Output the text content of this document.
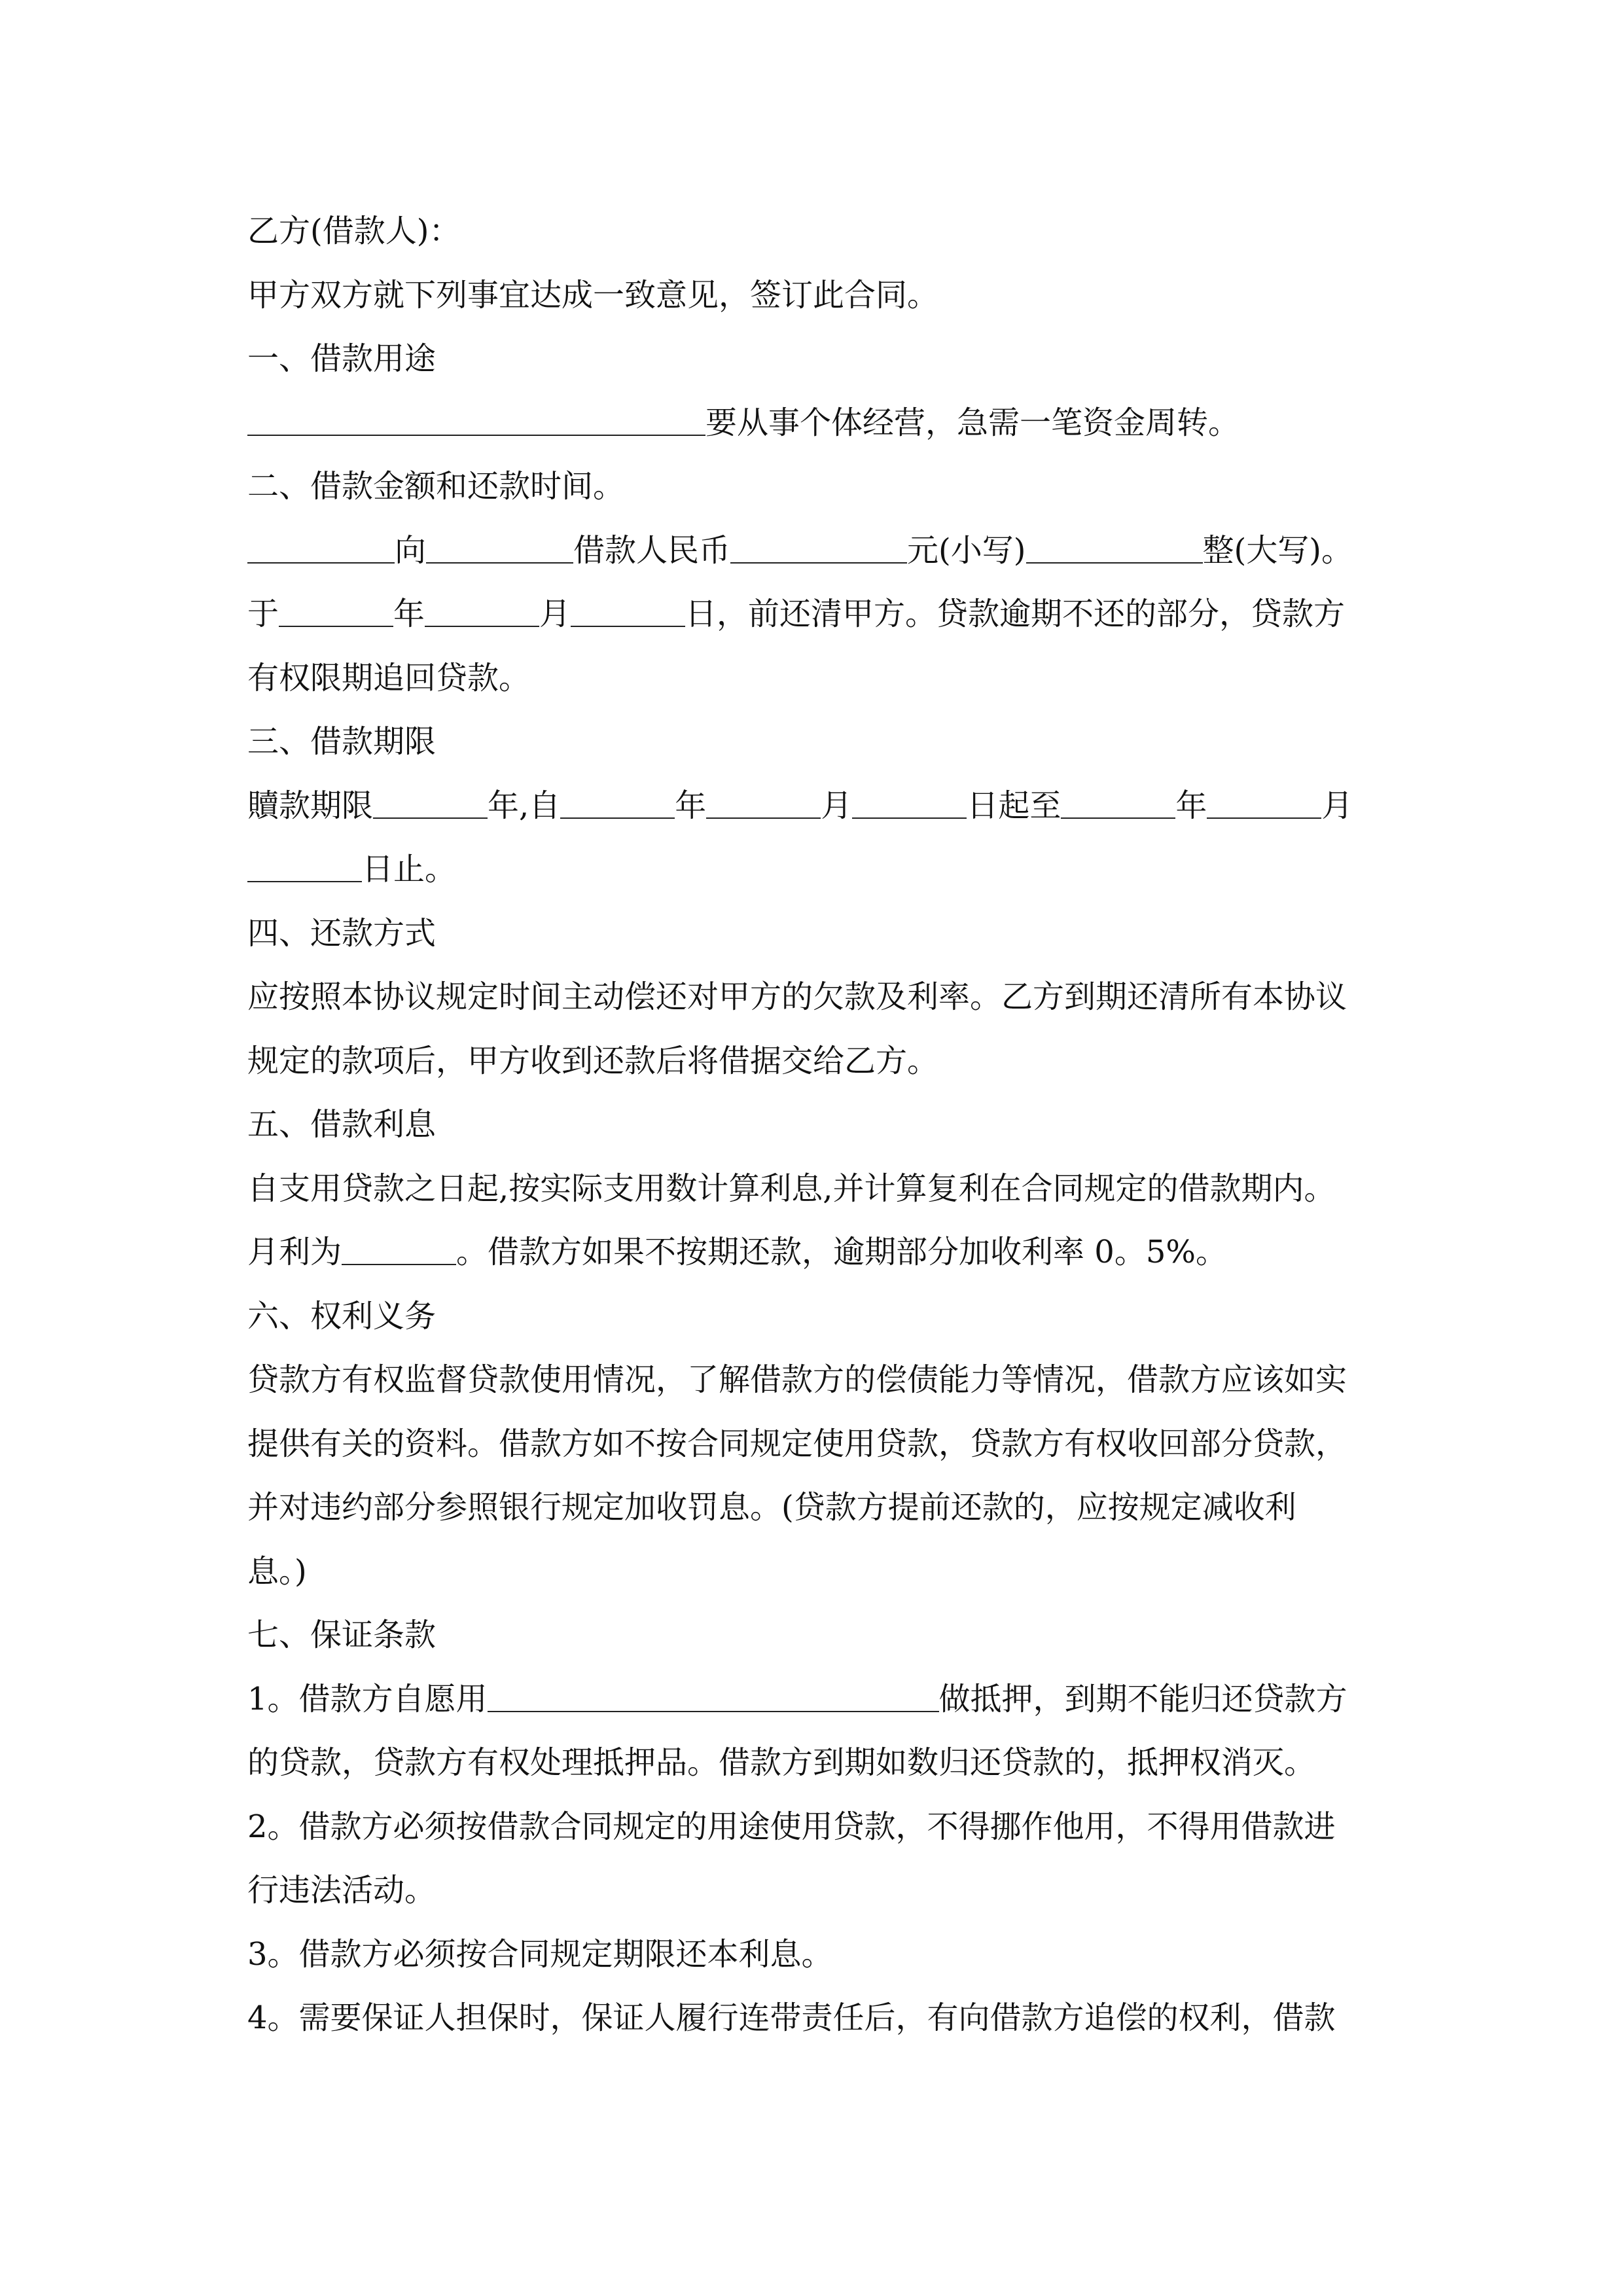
乙方(借款人)：
甲方双方就下列事宜达成一致意见，签订此合同。
一、借款用途
要从事个体经营，急需一笔资金周转。
二、借款金额和还款时间。
向	借款人民币	元(小写)	整(大写)。
于	年	月	日，前还清甲方。贷款逾期不还的部分，贷款方
有权限期追回贷款。
三、借款期限
贖款期限	年,自	年	月	日起至	年	月
日止。
四、还款方式
应按照本协议规定时间主动偿还对甲方的欠款及利率。乙方到期还清所有本协议
规定的款项后，甲方收到还款后将借据交给乙方。
五、借款利息
自支用贷款之日起,按实际支用数计算利息,并计算复利在合同规定的借款期内。
月利为	。借款方如果不按期还款，逾期部分加收利率 0。5%。
六、权利义务
贷款方有权监督贷款使用情况，了解借款方的偿债能力等情况，借款方应该如实
提供有关的资料。借款方如不按合同规定使用贷款，贷款方有权收回部分贷款，
并对违约部分参照银行规定加收罚息。(贷款方提前还款的，应按规定减收利
息。)
七、保证条款
1。借款方自愿用	做抵押，到期不能归还贷款方
的贷款，贷款方有权处理抵押品。借款方到期如数归还贷款的，抵押权消灭。
2。借款方必须按借款合同规定的用途使用贷款，不得挪作他用，不得用借款进
行违法活动。
3。借款方必须按合同规定期限还本利息。
4。需要保证人担保时，保证人履行连带责任后，有向借款方追偿的权利，借款
